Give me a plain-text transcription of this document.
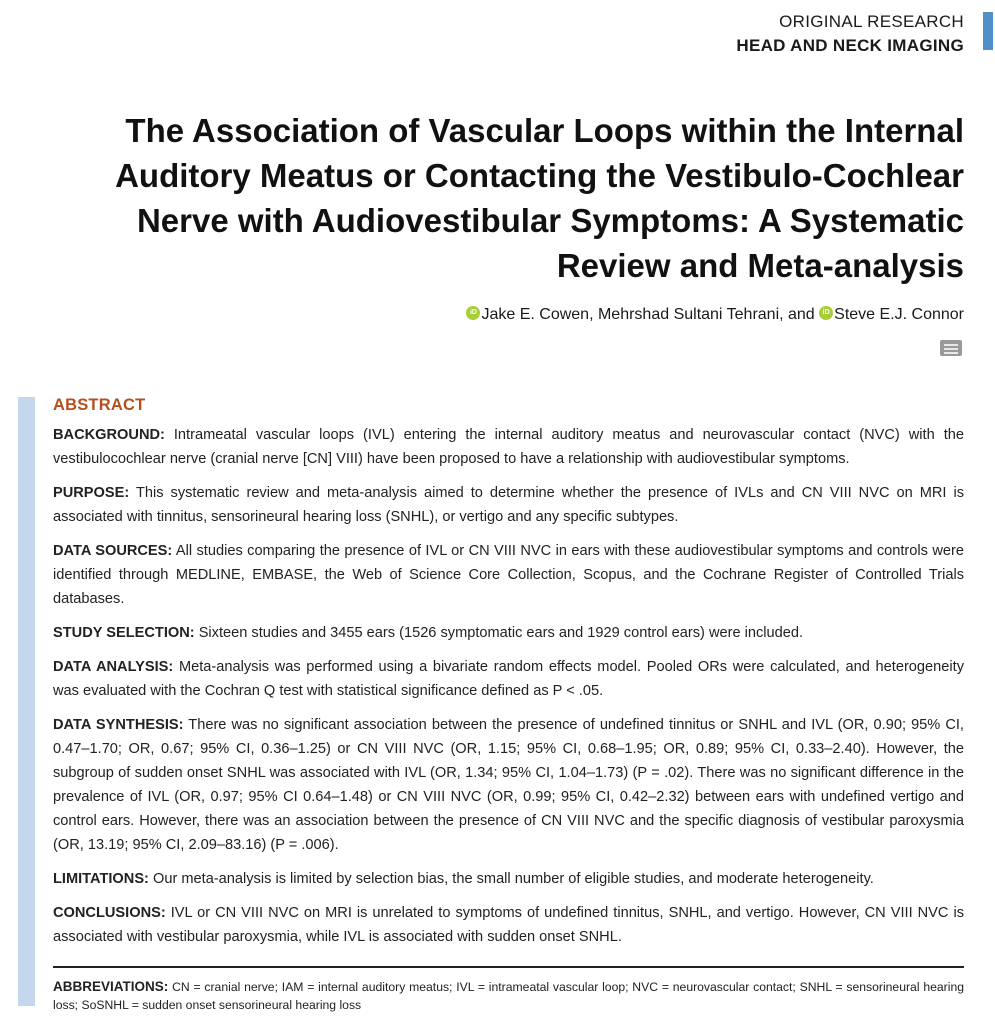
ORIGINAL RESEARCH
HEAD AND NECK IMAGING
The Association of Vascular Loops within the Internal Auditory Meatus or Contacting the Vestibulo-Cochlear Nerve with Audiovestibular Symptoms: A Systematic Review and Meta-analysis
iD Jake E. Cowen, Mehrshad Sultani Tehrani, and iD Steve E.J. Connor
ABSTRACT

BACKGROUND: Intrameatal vascular loops (IVL) entering the internal auditory meatus and neurovascular contact (NVC) with the vestibulocochlear nerve (cranial nerve [CN] VIII) have been proposed to have a relationship with audiovestibular symptoms.

PURPOSE: This systematic review and meta-analysis aimed to determine whether the presence of IVLs and CN VIII NVC on MRI is associated with tinnitus, sensorineural hearing loss (SNHL), or vertigo and any specific subtypes.

DATA SOURCES: All studies comparing the presence of IVL or CN VIII NVC in ears with these audiovestibular symptoms and controls were identified through MEDLINE, EMBASE, the Web of Science Core Collection, Scopus, and the Cochrane Register of Controlled Trials databases.

STUDY SELECTION: Sixteen studies and 3455 ears (1526 symptomatic ears and 1929 control ears) were included.

DATA ANALYSIS: Meta-analysis was performed using a bivariate random effects model. Pooled ORs were calculated, and heterogeneity was evaluated with the Cochran Q test with statistical significance defined as P < .05.

DATA SYNTHESIS: There was no significant association between the presence of undefined tinnitus or SNHL and IVL (OR, 0.90; 95% CI, 0.47–1.70; OR, 0.67; 95% CI, 0.36–1.25) or CN VIII NVC (OR, 1.15; 95% CI, 0.68–1.95; OR, 0.89; 95% CI, 0.33–2.40). However, the subgroup of sudden onset SNHL was associated with IVL (OR, 1.34; 95% CI, 1.04–1.73) (P = .02). There was no significant difference in the prevalence of IVL (OR, 0.97; 95% CI 0.64–1.48) or CN VIII NVC (OR, 0.99; 95% CI, 0.42–2.32) between ears with undefined vertigo and control ears. However, there was an association between the presence of CN VIII NVC and the specific diagnosis of vestibular paroxysmia (OR, 13.19; 95% CI, 2.09–83.16) (P = .006).

LIMITATIONS: Our meta-analysis is limited by selection bias, the small number of eligible studies, and moderate heterogeneity.

CONCLUSIONS: IVL or CN VIII NVC on MRI is unrelated to symptoms of undefined tinnitus, SNHL, and vertigo. However, CN VIII NVC is associated with vestibular paroxysmia, while IVL is associated with sudden onset SNHL.

ABBREVIATIONS: CN = cranial nerve; IAM = internal auditory meatus; IVL = intrameatal vascular loop; NVC = neurovascular contact; SNHL = sensorineural hearing loss; SoSNHL = sudden onset sensorineural hearing loss
